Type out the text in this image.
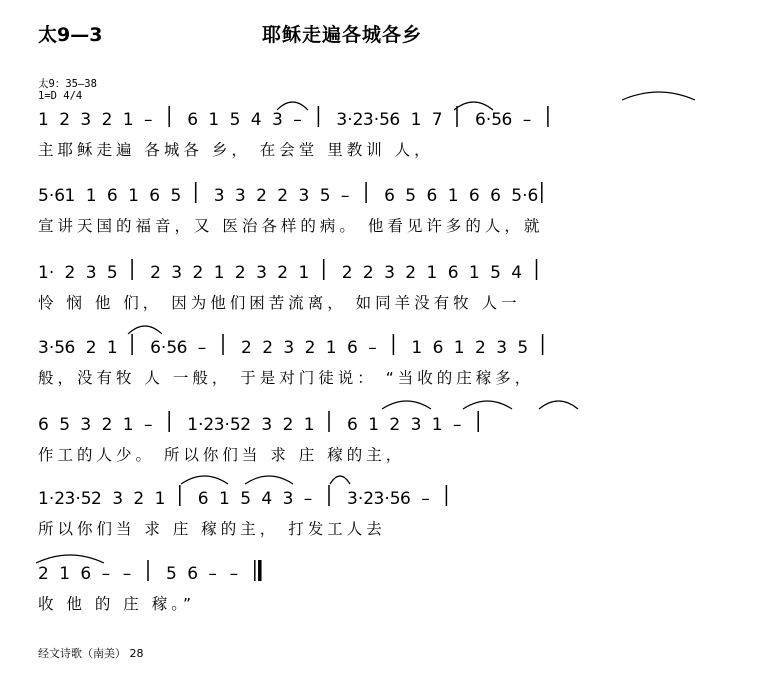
太9—3	耶稣走遍各城各乡
太9：35—38
1=D 4/4
1 2 3 2 1 – 6 1 5 4 3 – 3·2 3·5 6 1 7 6·5 6 –
主耶稣走遍 各城各 乡， 在会堂 里教训 人，
5·6 1 1 6 1 6 5 3 3 2 2 3 5 – 6 5 6 1 6 6 5·6
宣讲天国的福音，又 医治各样的病。 他看见许多的人，就
1· 2 3 5 2 3 2 1 2 3 2 1 2 2 3 2 1 6 1 5 4
怜 悯 他 们， 因为他们困苦流离， 如同羊没有牧 人一
3·5 6 2 1 6·5 6 – 2 2 3 2 1 6 – 1 6 1 2 3 5
般，没有牧 人 一般， 于是对门徒说： “当收的庄稼多，
6 5 3 2 1 – 1·2 3·5 2 3 2 1 6 1 2 3 1 –
作工的人少。 所以你们当 求 庄 稼的主，
1·2 3·5 2 3 2 1 6 1 5 4 3 – 3·2 3·5 6 –
所以你们当 求 庄 稼的主， 打发工人去
2 1 6 – – 5 6 – –
收 他 的 庄 稼。”
经文诗歌（南美） 28
